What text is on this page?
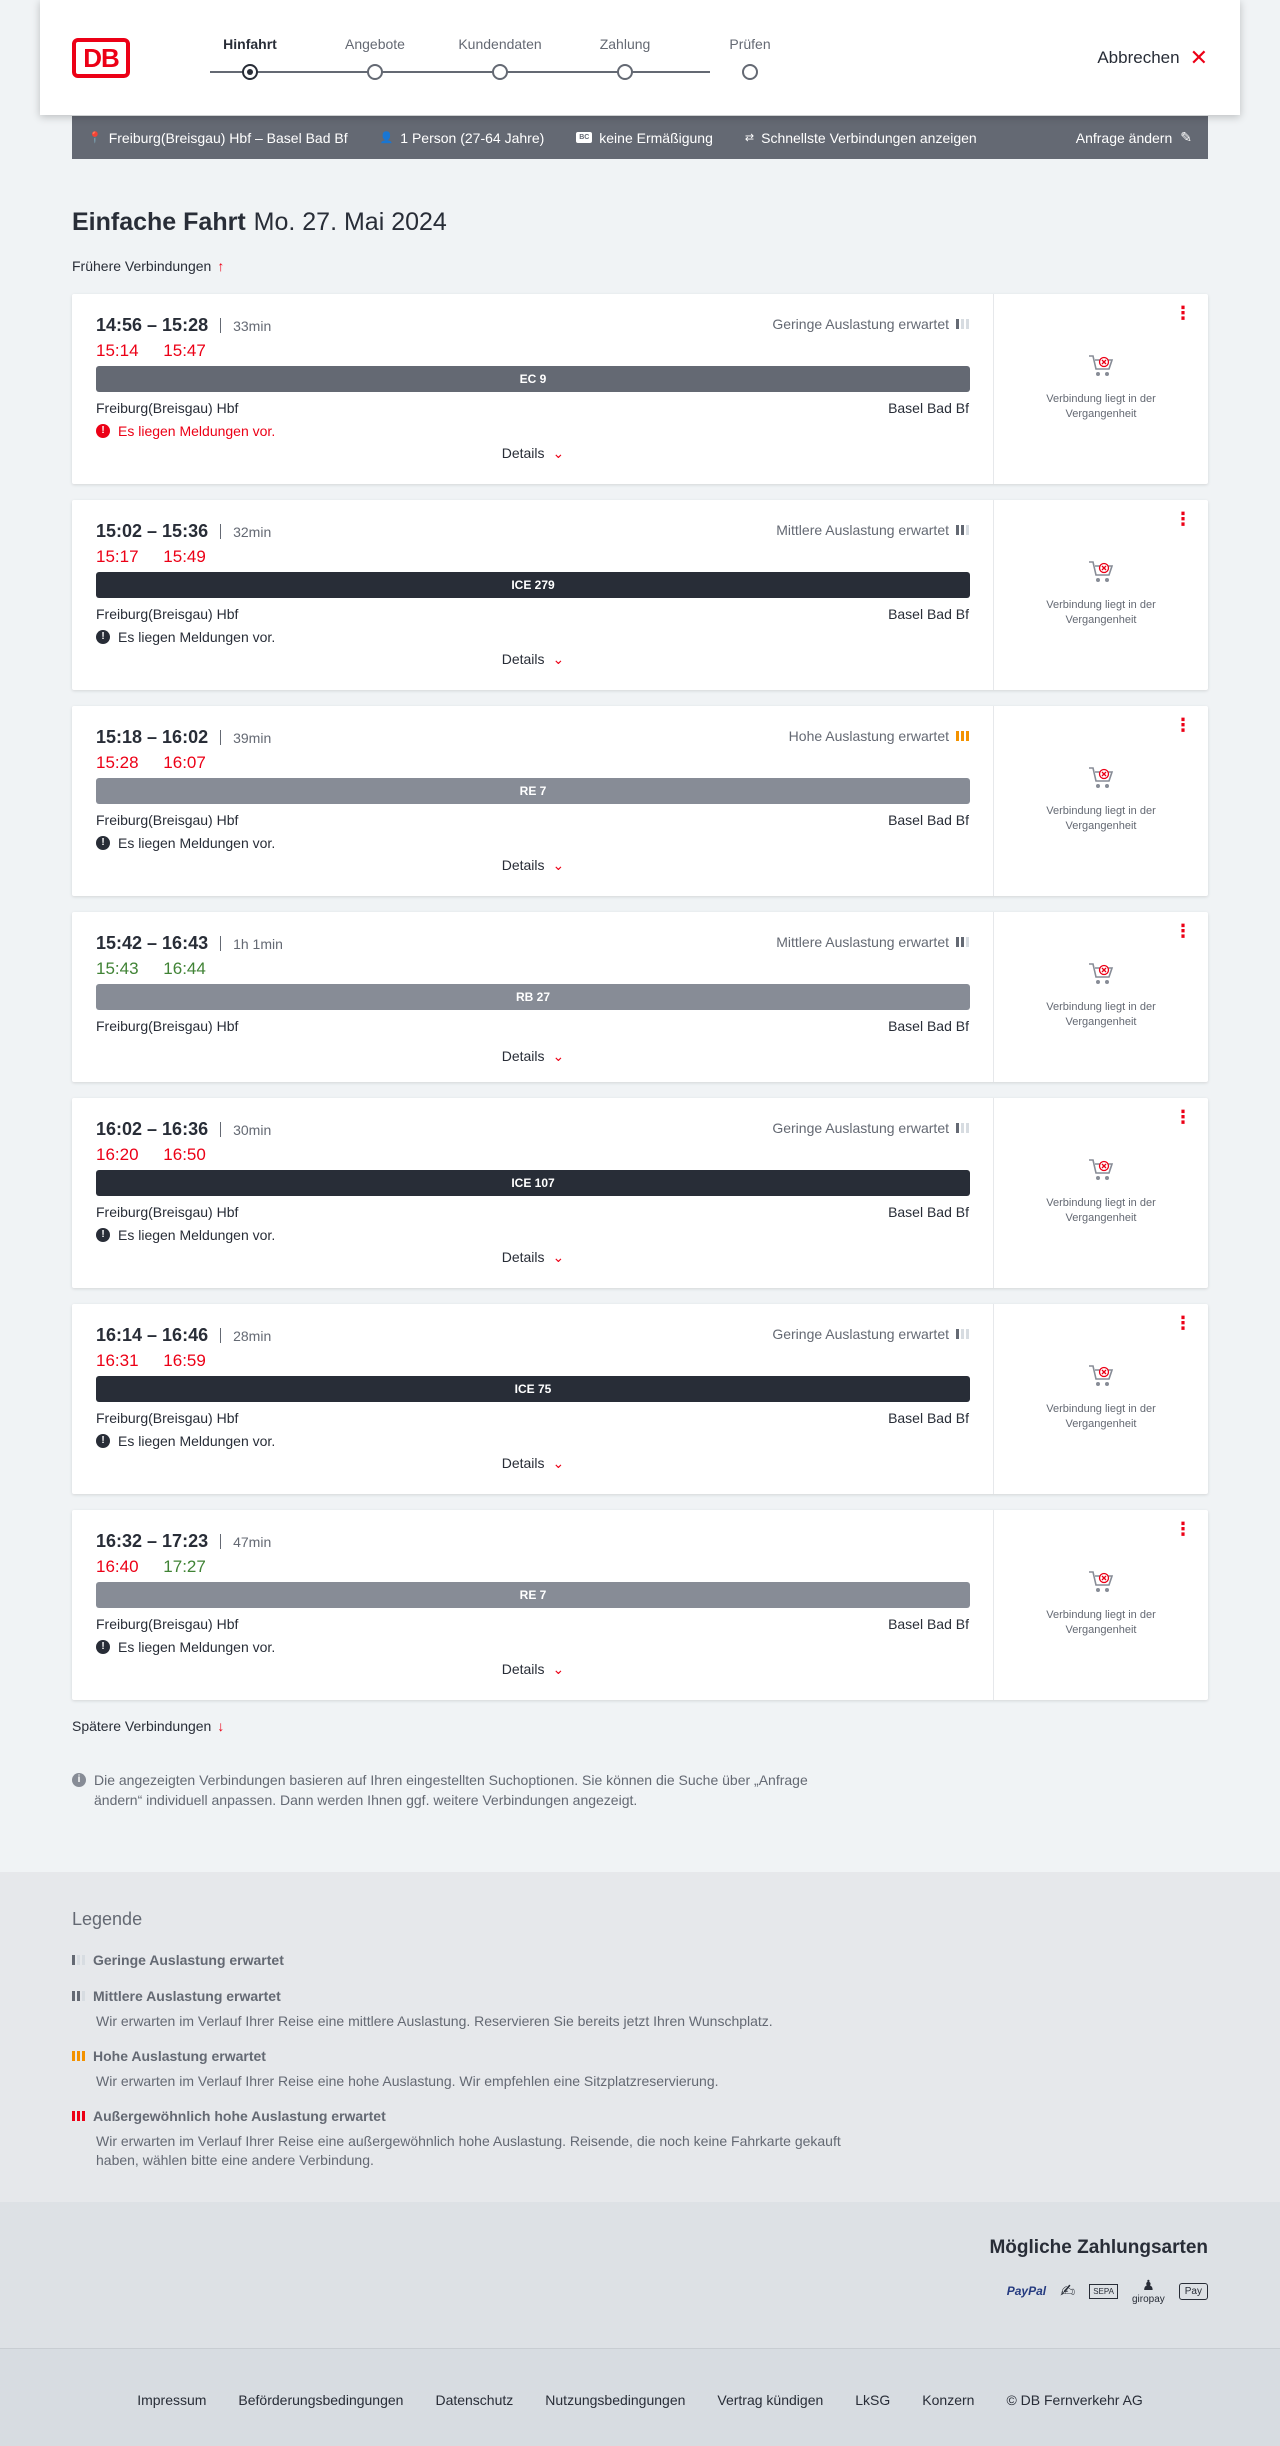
DB	Hinfahrt	Angebote	Kundendaten	Zahlung	Prüfen
Abbrechen ✕
📍 Freiburg(Breisgau) Hbf – Basel Bad Bf	👤 1 Person (27-64 Jahre)	BC keine Ermäßigung	⇄ Schnellste Verbindungen anzeigen	Anfrage ändern ✎
Einfache Fahrt Mo. 27. Mai 2024
Frühere Verbindungen ↑
14:56 – 15:28 33min
15:14 15:47
Geringe Auslastung erwartet
EC 9
Freiburg(Breisgau) Hbf	Basel Bad Bf
! Es liegen Meldungen vor.
Details ⌄
⋮
Verbindung liegt in der Vergangenheit
15:02 – 15:36 32min
15:17 15:49
Mittlere Auslastung erwartet
ICE 279
Freiburg(Breisgau) Hbf	Basel Bad Bf
! Es liegen Meldungen vor.
Details ⌄
⋮
Verbindung liegt in der Vergangenheit
15:18 – 16:02 39min
15:28 16:07
Hohe Auslastung erwartet
RE 7
Freiburg(Breisgau) Hbf	Basel Bad Bf
! Es liegen Meldungen vor.
Details ⌄
⋮
Verbindung liegt in der Vergangenheit
15:42 – 16:43 1h 1min
15:43 16:44
Mittlere Auslastung erwartet
RB 27
Freiburg(Breisgau) Hbf	Basel Bad Bf
Details ⌄
⋮
Verbindung liegt in der Vergangenheit
16:02 – 16:36 30min
16:20 16:50
Geringe Auslastung erwartet
ICE 107
Freiburg(Breisgau) Hbf	Basel Bad Bf
! Es liegen Meldungen vor.
Details ⌄
⋮
Verbindung liegt in der Vergangenheit
16:14 – 16:46 28min
16:31 16:59
Geringe Auslastung erwartet
ICE 75
Freiburg(Breisgau) Hbf	Basel Bad Bf
! Es liegen Meldungen vor.
Details ⌄
⋮
Verbindung liegt in der Vergangenheit
16:32 – 17:23 47min
16:40 17:27
RE 7
Freiburg(Breisgau) Hbf	Basel Bad Bf
! Es liegen Meldungen vor.
Details ⌄
⋮
Verbindung liegt in der Vergangenheit
Spätere Verbindungen ↓
i Die angezeigten Verbindungen basieren auf Ihren eingestellten Suchoptionen. Sie können die Suche über „Anfrage ändern“ individuell anpassen. Dann werden Ihnen ggf. weitere Verbindungen angezeigt.
Legende
Geringe Auslastung erwartet
Mittlere Auslastung erwartet
Wir erwarten im Verlauf Ihrer Reise eine mittlere Auslastung. Reservieren Sie bereits jetzt Ihren Wunschplatz.
Hohe Auslastung erwartet
Wir erwarten im Verlauf Ihrer Reise eine hohe Auslastung. Wir empfehlen eine Sitzplatzreservierung.
Außergewöhnlich hohe Auslastung erwartet
Wir erwarten im Verlauf Ihrer Reise eine außergewöhnlich hohe Auslastung. Reisende, die noch keine Fahrkarte gekauft haben, wählen bitte eine andere Verbindung.
Mögliche Zahlungsarten
PayPal ✍	SEPA	♟
giropay
Pay
Impressum Beförderungsbedingungen Datenschutz Nutzungsbedingungen Vertrag kündigen LkSG Konzern © DB Fernverkehr AG
